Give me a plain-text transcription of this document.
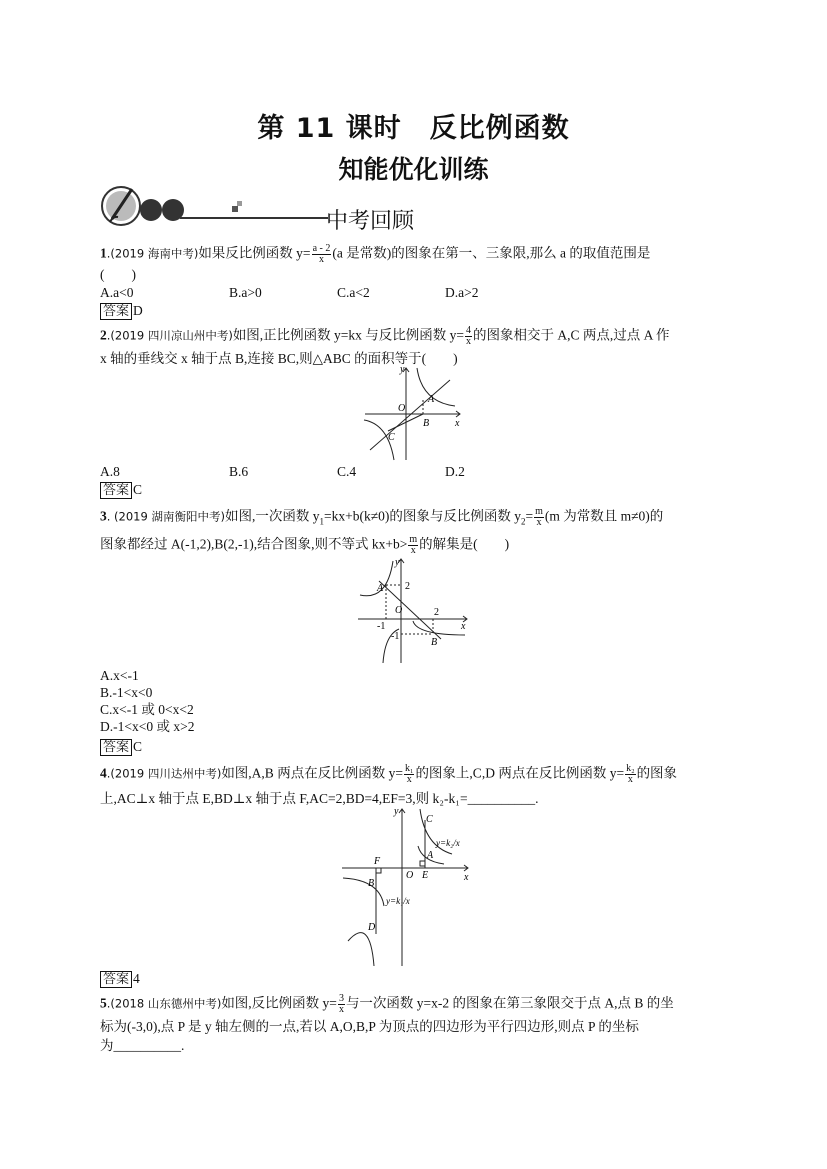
第 11 课时　反比例函数
知能优化训练
中考回顾
1.(2019 海南中考)如果反比例函数 $y= \frac{a - 2}{x} (a$ 是常数)的图象在第一、三象限,那么 a 的取值范围是
(　　)
A.a<0	B.a>0	C.a<2	D.a>2
答案 D
2.(2019 四川凉山州中考)如图,正比例函数 y=kx 与反比例函数 $y= \frac{4}{x}$ 的图象相交于 A,C 两点,过点 A 作
x 轴的垂线交 x 轴于点 B,连接 BC,则△ABC 的面积等于(　　)
y
x
O
A
B
C
A.8	B.6	C.4	D.2
答案 C
3. (2019 湖南衡阳中考)如图,一次函数 $y_1=kx+b(k\ne 0)$的图象与反比例函数 $y_2= \frac{m}{x} (m$ 为常数且 m≠0)的
图象都经过 A(-1,2),B(2,-1),结合图象,则不等式 $kx+b> \frac{m}{x}$ 的解集是(　　)
y
x
O
A
B
2
-1
2
-1
A.x<-1
B.-1<x<0
C.x<-1 或 0<x<2
D.-1<x<0 或 x>2
答案 C
4.(2019 四川达州中考)如图,A,B 两点在反比例函数 $y= \frac{\text{k₁}}{x}$ 的图象上,C,D 两点在反比例函数 $y= \frac{\text{k₂}}{x}$ 的图象
上,AC⊥x 轴于点 E,BD⊥x 轴于点 F,AC=2,BD=4,EF=3,则 k₂-k₁=__________.
y
x
O
A
B
C
D
E
F
y=k₂/x
y=k₁/x
答案 4
5.(2018 山东德州中考)如图,反比例函数 $y= \frac{3}{x}$ 与一次函数 y=x-2 的图象在第三象限交于点 A,点 B 的坐
标为(-3,0),点 P 是 y 轴左侧的一点,若以 A,O,B,P 为顶点的四边形为平行四边形,则点 P 的坐标
为__________.
